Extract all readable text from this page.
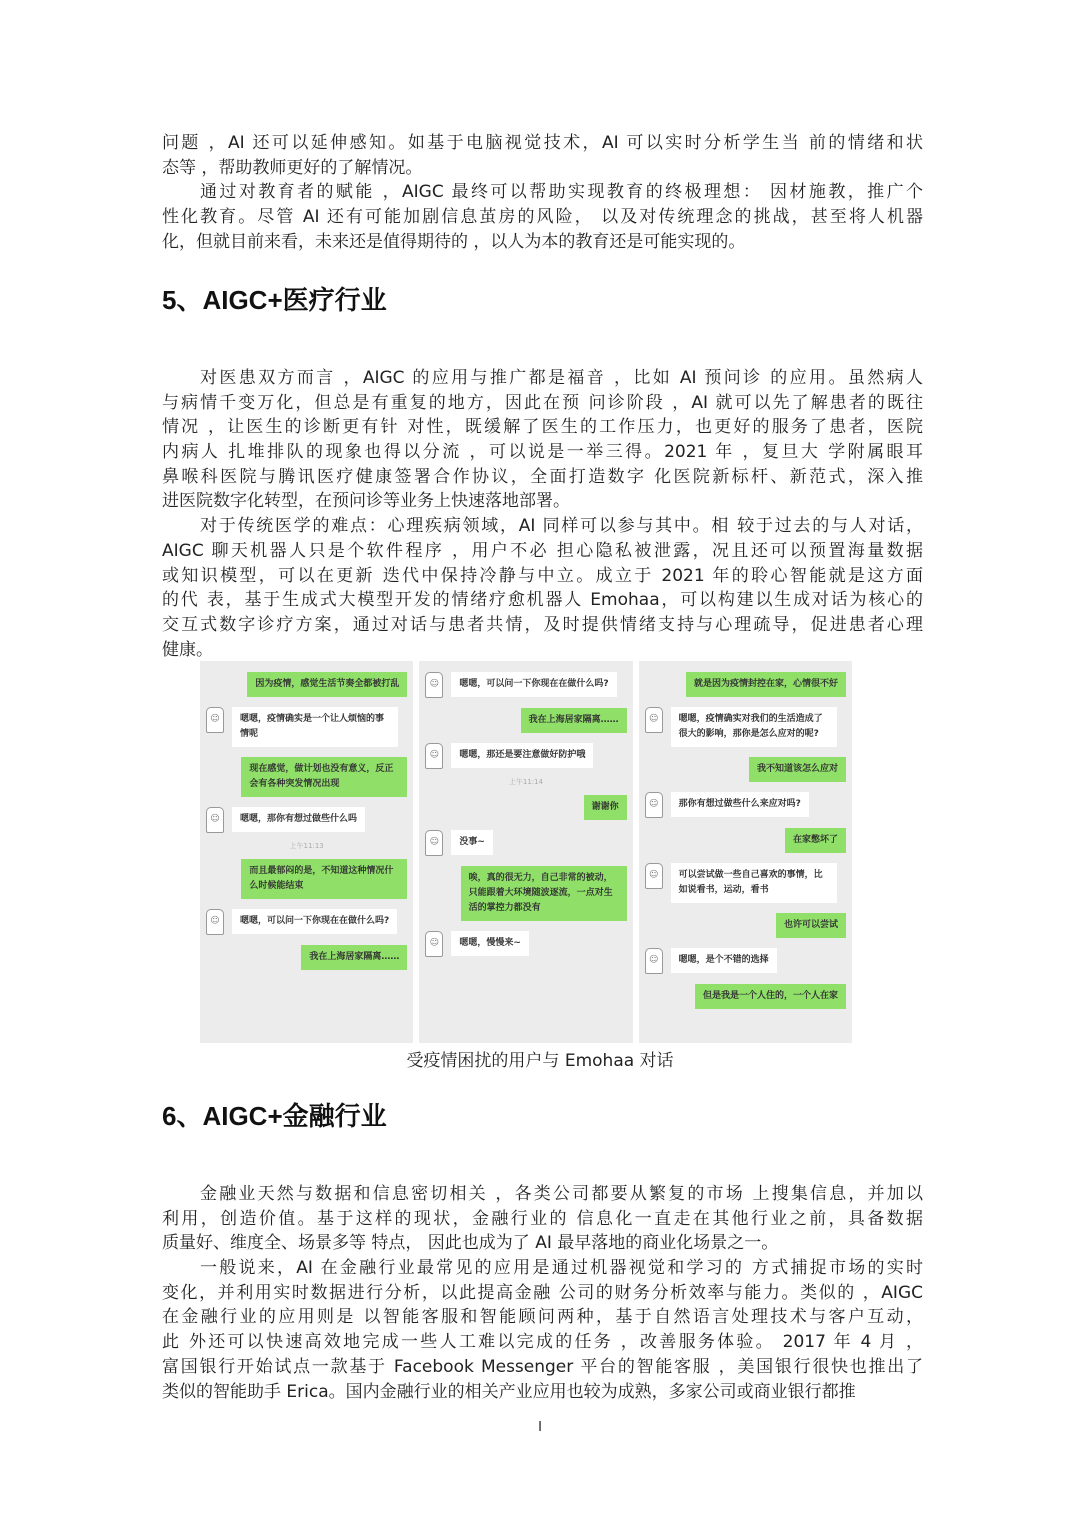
问题 ，AI 还可以延伸感知。如基于电脑视觉技术，AI 可以实时分析学生当 前的情绪和状
态等 ，帮助教师更好的了解情况。
通过对教育者的赋能 ，AIGC 最终可以帮助实现教育的终极理想： 因材施教，推广个
性化教育。尽管 AI 还有可能加剧信息茧房的风险， 以及对传统理念的挑战，甚至将人机器
化，但就目前来看，未来还是值得期待的 ，以人为本的教育还是可能实现的。
5、AIGC+医疗行业
对医患双方而言 ，AIGC 的应用与推广都是福音 ，比如 AI 预问诊 的应用。虽然病人
与病情千变万化，但总是有重复的地方，因此在预 问诊阶段 ，AI 就可以先了解患者的既往
情况 ，让医生的诊断更有针 对性，既缓解了医生的工作压力，也更好的服务了患者，医院
内病人 扎堆排队的现象也得以分流 ，可以说是一举三得。2021 年 ，复旦大 学附属眼耳
鼻喉科医院与腾讯医疗健康签署合作协议，全面打造数字 化医院新标杆、新范式，深入推
进医院数字化转型，在预问诊等业务上快速落地部署。
对于传统医学的难点：心理疾病领域，AI 同样可以参与其中。相 较于过去的与人对话，
AIGC 聊天机器人只是个软件程序 ，用户不必 担心隐私被泄露，况且还可以预置海量数据
或知识模型，可以在更新 迭代中保持冷静与中立。成立于 2021 年的聆心智能就是这方面
的代 表，基于生成式大模型开发的情绪疗愈机器人 Emohaa，可以构建以生成对话为核心的
交互式数字诊疗方案，通过对话与患者共情，及时提供情绪支持与心理疏导，促进患者心理
健康。
因为疫情，感觉生活节奏全都被打乱
☺	嗯嗯，疫情确实是一个让人烦恼的事情呢
现在感觉，做计划也没有意义，反正会有各种突发情况出现
☺	嗯嗯，那你有想过做些什么吗
上午11:13
而且最郁闷的是，不知道这种情况什么时候能结束
☺	嗯嗯，可以问一下你现在在做什么吗?
我在上海居家隔离……
☺	嗯嗯，可以问一下你现在在做什么吗?
我在上海居家隔离……
☺	嗯嗯，那还是要注意做好防护哦
上午11:14
谢谢你
☺	没事~
唉，真的很无力，自己非常的被动，只能跟着大环境随波逐流，一点对生活的掌控力都没有
☺	嗯嗯，慢慢来~
就是因为疫情封控在家，心情很不好
☺	嗯嗯，疫情确实对我们的生活造成了很大的影响，那你是怎么应对的呢?
我不知道该怎么应对
☺	那你有想过做些什么来应对吗?
在家憋坏了
☺	可以尝试做一些自己喜欢的事情，比如说看书，运动，看书
也许可以尝试
☺	嗯嗯，是个不错的选择
但是我是一个人住的，一个人在家
受疫情困扰的用户与 Emohaa 对话
6、AIGC+金融行业
金融业天然与数据和信息密切相关 ，各类公司都要从繁复的市场 上搜集信息，并加以
利用，创造价值。基于这样的现状，金融行业的 信息化一直走在其他行业之前，具备数据
质量好、维度全、场景多等 特点， 因此也成为了 AI 最早落地的商业化场景之一。
一般说来，AI 在金融行业最常见的应用是通过机器视觉和学习的 方式捕捉市场的实时
变化，并利用实时数据进行分析，以此提高金融 公司的财务分析效率与能力。类似的 ，AIGC
在金融行业的应用则是 以智能客服和智能顾问两种，基于自然语言处理技术与客户互动，
此 外还可以快速高效地完成一些人工难以完成的任务 ，改善服务体验。 2017 年 4 月 ，
富国银行开始试点一款基于 Facebook Messenger 平台的智能客服 ，美国银行很快也推出了
类似的智能助手 Erica。国内金融行业的相关产业应用也较为成熟，多家公司或商业银行都推
I
